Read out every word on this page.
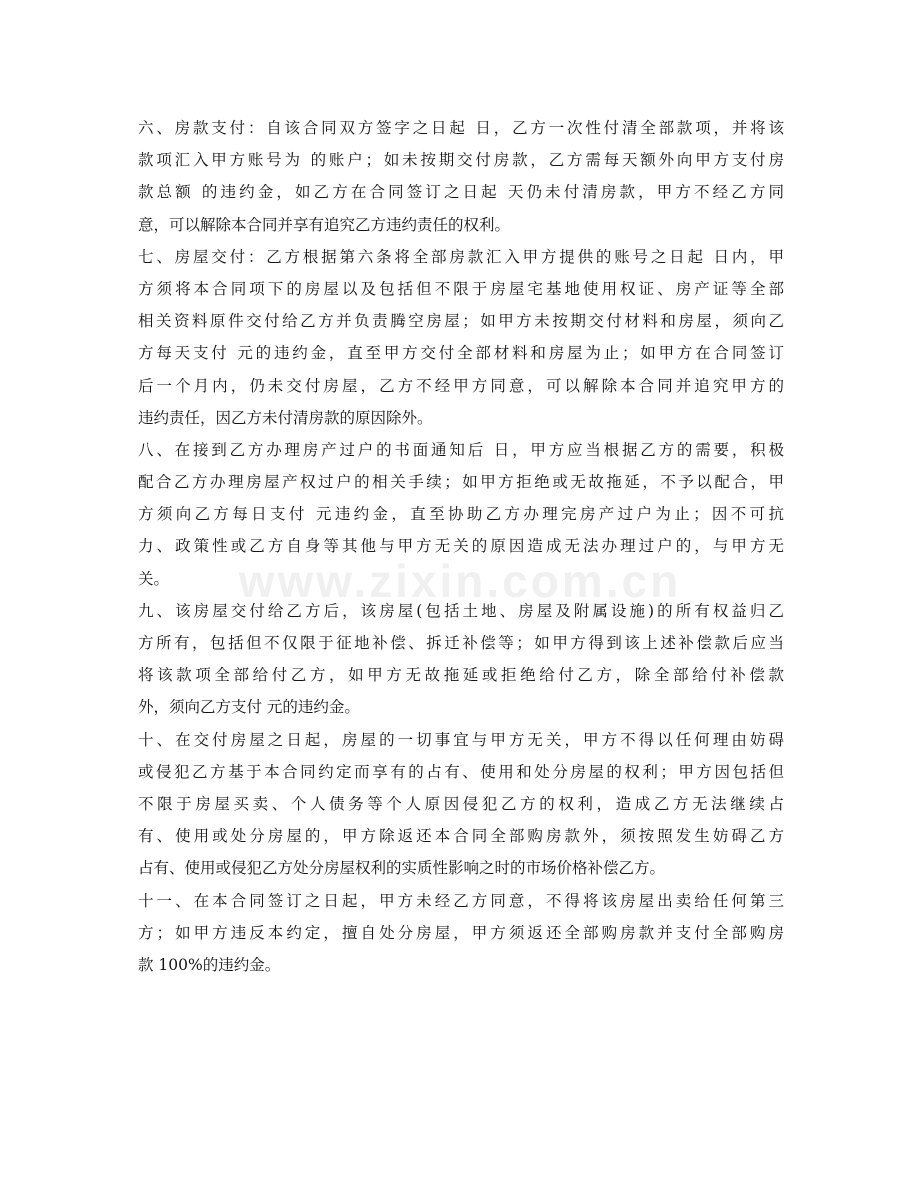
六、房款支付：自该合同双方签字之日起 日，乙方一次性付清全部款项，并将该
款项汇入甲方账号为 的账户；如未按期交付房款，乙方需每天额外向甲方支付房
款总额 的违约金，如乙方在合同签订之日起 天仍未付清房款，甲方不经乙方同
意，可以解除本合同并享有追究乙方违约责任的权利。
七、房屋交付：乙方根据第六条将全部房款汇入甲方提供的账号之日起 日内，甲
方须将本合同项下的房屋以及包括但不限于房屋宅基地使用权证、房产证等全部
相关资料原件交付给乙方并负责腾空房屋；如甲方未按期交付材料和房屋，须向乙
方每天支付 元的违约金，直至甲方交付全部材料和房屋为止；如甲方在合同签订
后一个月内，仍未交付房屋，乙方不经甲方同意，可以解除本合同并追究甲方的
违约责任，因乙方未付清房款的原因除外。
八、在接到乙方办理房产过户的书面通知后 日，甲方应当根据乙方的需要，积极
配合乙方办理房屋产权过户的相关手续；如甲方拒绝或无故拖延，不予以配合，甲
方须向乙方每日支付 元违约金，直至协助乙方办理完房产过户为止；因不可抗
力、政策性或乙方自身等其他与甲方无关的原因造成无法办理过户的，与甲方无
关。
九、该房屋交付给乙方后，该房屋(包括土地、房屋及附属设施)的所有权益归乙
方所有，包括但不仅限于征地补偿、拆迁补偿等；如甲方得到该上述补偿款后应当
将该款项全部给付乙方，如甲方无故拖延或拒绝给付乙方，除全部给付补偿款
外，须向乙方支付 元的违约金。
十、在交付房屋之日起，房屋的一切事宜与甲方无关，甲方不得以任何理由妨碍
或侵犯乙方基于本合同约定而享有的占有、使用和处分房屋的权利；甲方因包括但
不限于房屋买卖、个人债务等个人原因侵犯乙方的权利，造成乙方无法继续占
有、使用或处分房屋的，甲方除返还本合同全部购房款外，须按照发生妨碍乙方
占有、使用或侵犯乙方处分房屋权利的实质性影响之时的市场价格补偿乙方。
十一、在本合同签订之日起，甲方未经乙方同意，不得将该房屋出卖给任何第三
方；如甲方违反本约定，擅自处分房屋，甲方须返还全部购房款并支付全部购房
款 100%的违约金。
www.zixin.com.cn
